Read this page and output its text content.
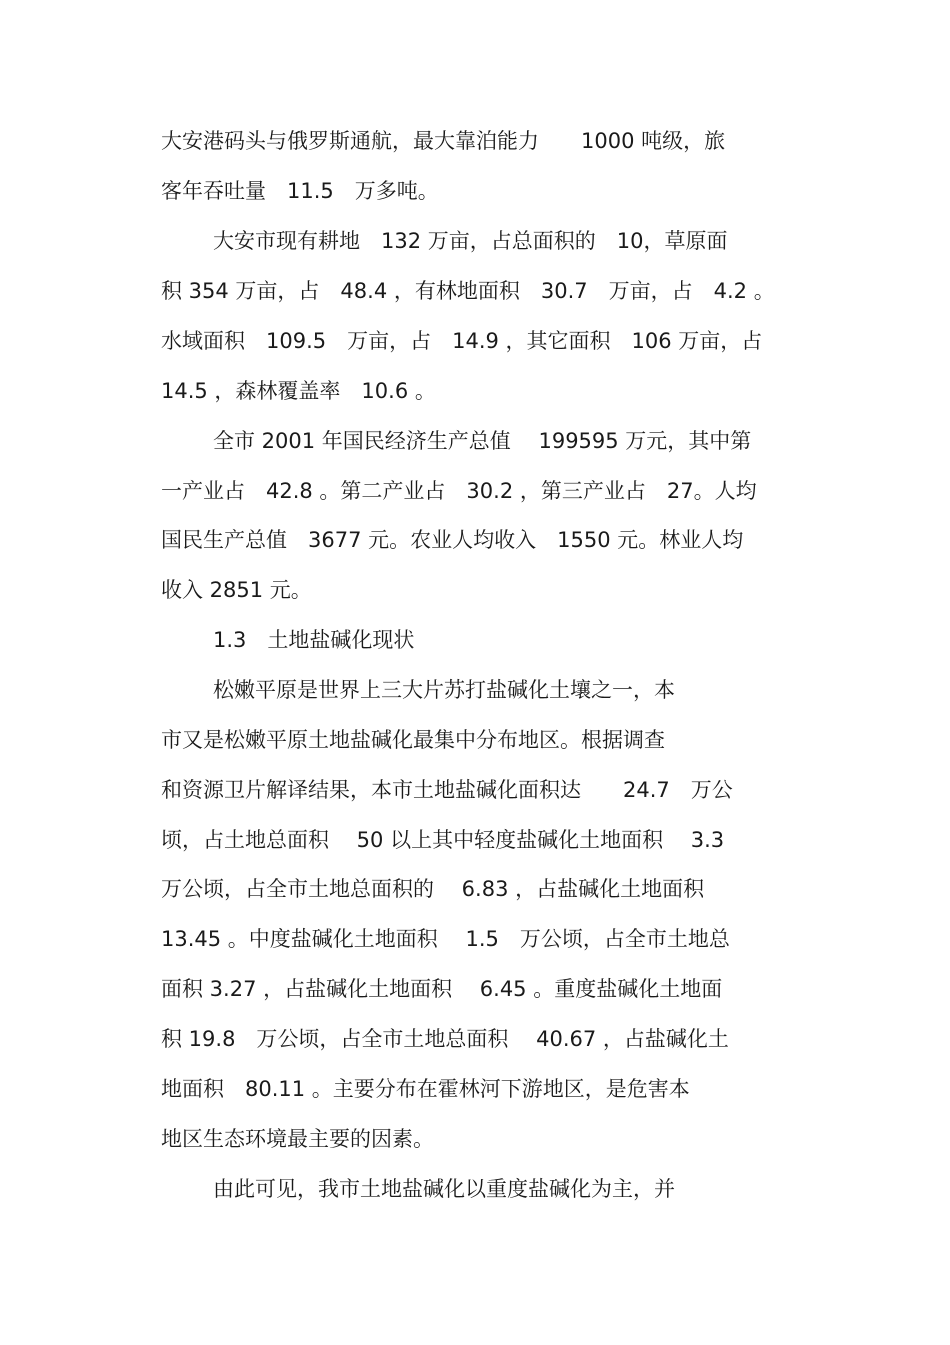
大安港码头与俄罗斯通航，最大靠泊能力　　1000 吨级，旅
客年吞吐量　11.5　万多吨。
大安市现有耕地　132 万亩，占总面积的　10，草原面
积 354 万亩，占　48.4 ，有林地面积　30.7　万亩，占　4.2 。
水域面积　109.5　万亩，占　14.9 ，其它面积　106 万亩，占
14.5 ，森林覆盖率　10.6 。
全市 2001 年国民经济生产总值　 199595 万元，其中第
一产业占　42.8 。第二产业占　30.2 ，第三产业占　27。人均
国民生产总值　3677 元。农业人均收入　1550 元。林业人均
收入 2851 元。
1.3　土地盐碱化现状
松嫩平原是世界上三大片苏打盐碱化土壤之一，本
市又是松嫩平原土地盐碱化最集中分布地区。根据调查
和资源卫片解译结果，本市土地盐碱化面积达　　24.7　万公
顷，占土地总面积　 50 以上其中轻度盐碱化土地面积　 3.3
万公顷，占全市土地总面积的　 6.83 ，占盐碱化土地面积
13.45 。中度盐碱化土地面积　 1.5　万公顷，占全市土地总
面积 3.27 ，占盐碱化土地面积　 6.45 。重度盐碱化土地面
积 19.8　万公顷，占全市土地总面积　 40.67 ，占盐碱化土
地面积　80.11 。主要分布在霍林河下游地区，是危害本
地区生态环境最主要的因素。
由此可见，我市土地盐碱化以重度盐碱化为主，并
